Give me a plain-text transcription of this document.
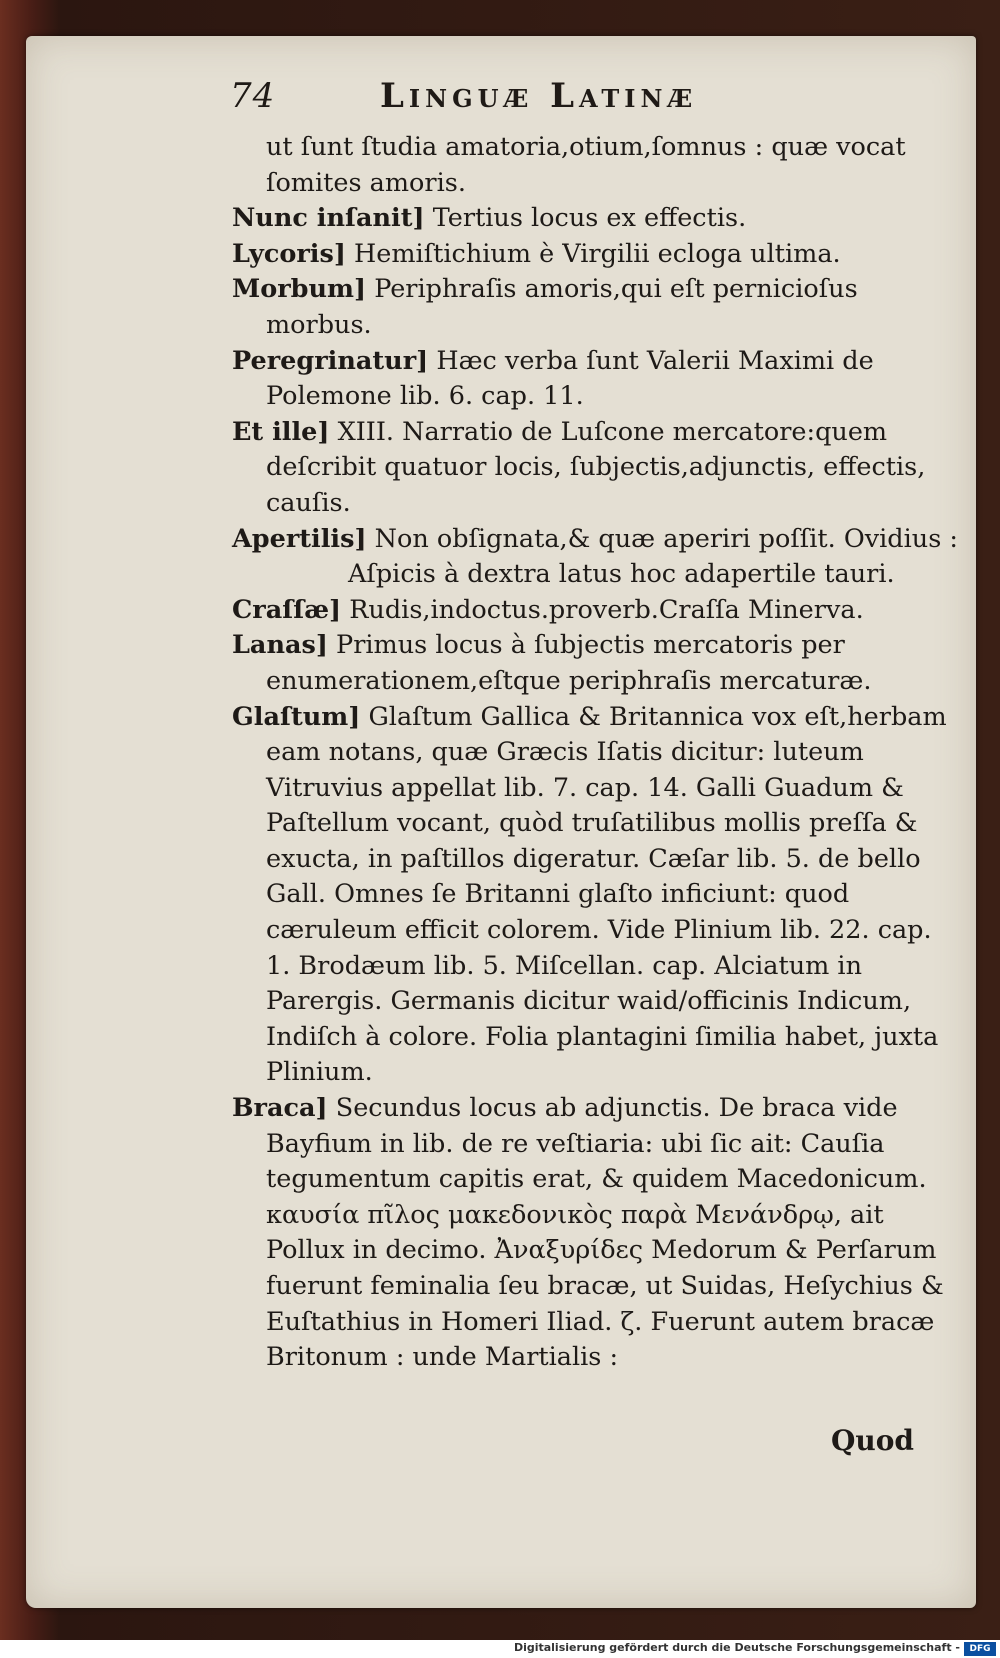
74	Linguæ Latinæ

ut ſunt ſtudia amatoria,otium,ſomnus : quæ vocat ſomites amoris.

Nunc inſanit] Tertius locus ex effectis.

Lycoris] Hemiſtichium è Virgilii ecloga ultima.

Morbum] Periphraſis amoris,qui eſt pernicioſus morbus.

Peregrinatur] Hæc verba ſunt Valerii Maximi de Polemone lib. 6. cap. 11.

Et ille] XIII. Narratio de Luſcone mercatore:quem deſcribit quatuor locis, ſubjectis,adjunctis, effectis, cauſis.

Apertilis] Non obſignata,& quæ aperiri poſſit. Ovidius :

Aſpicis à dextra latus hoc adapertile tauri.

Craſſæ] Rudis,indoctus.proverb.Craſſa Minerva.

Lanas] Primus locus à ſubjectis mercatoris per enumerationem,eſtque periphraſis mercaturæ.

Glaſtum] Glaſtum Gallica & Britannica vox eſt,herbam eam notans, quæ Græcis Iſatis dicitur: luteum Vitruvius appellat lib. 7. cap. 14. Galli Guadum & Paſtellum vocant, quòd truſatilibus mollis preſſa & exucta, in paſtillos digeratur. Cæſar lib. 5. de bello Gall. Omnes ſe Britanni glaſto inficiunt: quod cæruleum efficit colorem. Vide Plinium lib. 22. cap. 1. Brodæum lib. 5. Miſcellan. cap. Alciatum in Parergis. Germanis dicitur waid/officinis Indicum, Indiſch à colore. Folia plantagini ſimilia habet, juxta Plinium.

Braca] Secundus locus ab adjunctis. De braca vide Bayfium in lib. de re veſtiaria: ubi ſic ait: Cauſia tegumentum capitis erat, & quidem Macedonicum. καυσία πῖλος μακεδονικὸς παρὰ Μενάνδρῳ, ait Pollux in decimo. Ἀναξυρίδες Medorum & Perſarum fuerunt feminalia ſeu bracæ, ut Suidas, Heſychius & Euſtathius in Homeri Iliad. ζ. Fuerunt autem bracæ Britonum : unde Martialis :

Quod
Digitalisierung gefördert durch die Deutsche Forschungsgemeinschaft -	DFG
